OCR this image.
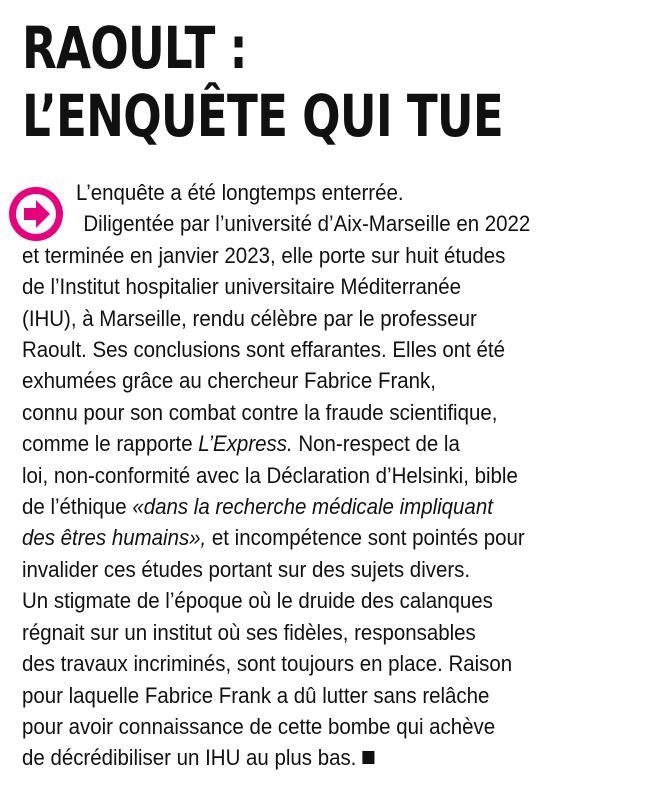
RAOULT :
L’ENQUÊTE QUI TUE
L’enquête a été longtemps enterrée.
Diligentée par l’université d’Aix-Marseille en 2022
et terminée en janvier 2023, elle porte sur huit études
de l’Institut hospitalier universitaire Méditerranée
(IHU), à Marseille, rendu célèbre par le professeur
Raoult. Ses conclusions sont effarantes. Elles ont été
exhumées grâce au chercheur Fabrice Frank,
connu pour son combat contre la fraude scientifique,
comme le rapporte L’Express. Non-respect de la
loi, non-conformité avec la Déclaration d’Helsinki, bible
de l’éthique «dans la recherche médicale impliquant
des êtres humains», et incompétence sont pointés pour
invalider ces études portant sur des sujets divers.
Un stigmate de l’époque où le druide des calanques
régnait sur un institut où ses fidèles, responsables
des travaux incriminés, sont toujours en place. Raison
pour laquelle Fabrice Frank a dû lutter sans relâche
pour avoir connaissance de cette bombe qui achève
de décrédibiliser un IHU au plus bas.
